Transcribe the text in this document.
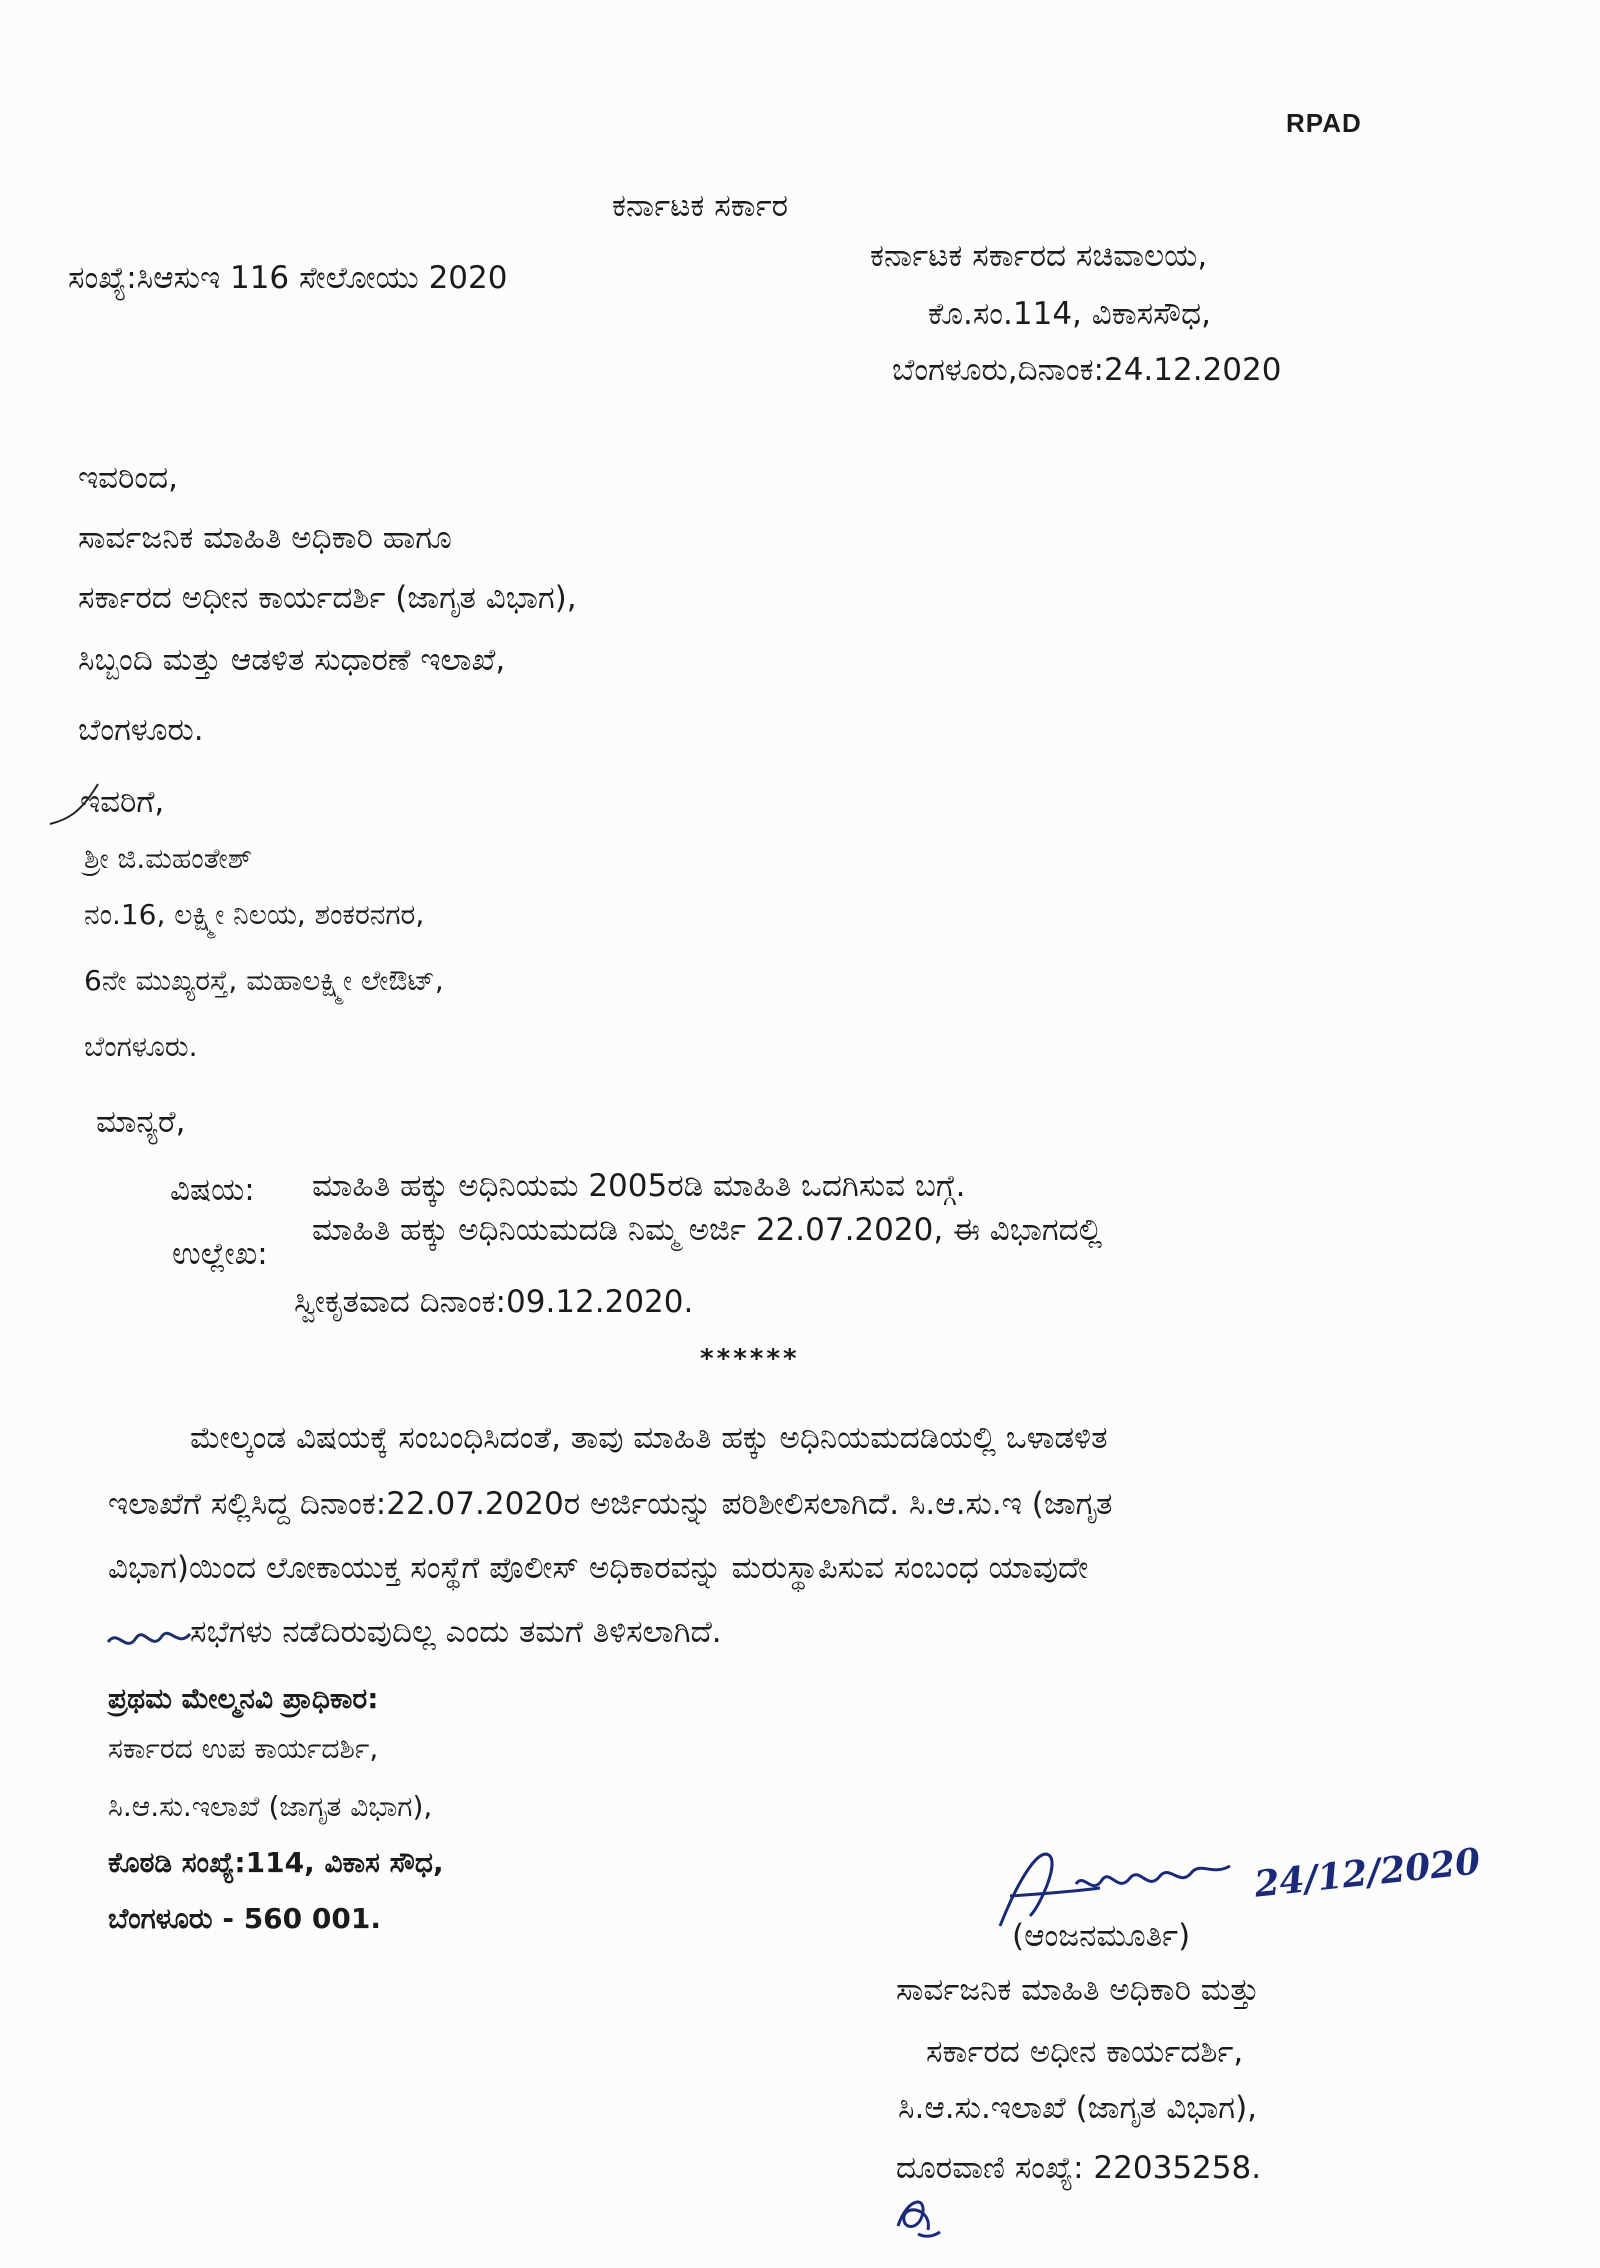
RPAD
ಕರ್ನಾಟಕ ಸರ್ಕಾರ
ಸಂಖ್ಯೆ:ಸಿಆಸುಇ 116 ಸೇಲೋಯು 2020
ಕರ್ನಾಟಕ ಸರ್ಕಾರದ ಸಚಿವಾಲಯ,
ಕೊ.ಸಂ.114, ವಿಕಾಸಸೌಧ,
ಬೆಂಗಳೂರು,ದಿನಾಂಕ:24.12.2020
ಇವರಿಂದ,
ಸಾರ್ವಜನಿಕ ಮಾಹಿತಿ ಅಧಿಕಾರಿ ಹಾಗೂ
ಸರ್ಕಾರದ ಅಧೀನ ಕಾರ್ಯದರ್ಶಿ (ಜಾಗೃತ ವಿಭಾಗ),
ಸಿಬ್ಬಂದಿ ಮತ್ತು ಆಡಳಿತ ಸುಧಾರಣೆ ಇಲಾಖೆ,
ಬೆಂಗಳೂರು.
ಇವರಿಗೆ,
ಶ್ರೀ ಜಿ.ಮಹಂತೇಶ್
ನಂ.16, ಲಕ್ಷ್ಮೀ ನಿಲಯ, ಶಂಕರನಗರ,
6ನೇ ಮುಖ್ಯರಸ್ತೆ, ಮಹಾಲಕ್ಷ್ಮೀ ಲೇಔಟ್,
ಬೆಂಗಳೂರು.
ಮಾನ್ಯರೆ,
ವಿಷಯ: ಮಾಹಿತಿ ಹಕ್ಕು ಅಧಿನಿಯಮ 2005ರಡಿ ಮಾಹಿತಿ ಒದಗಿಸುವ ಬಗ್ಗೆ.
ಉಲ್ಲೇಖ:
ಮಾಹಿತಿ ಹಕ್ಕು ಅಧಿನಿಯಮದಡಿ ನಿಮ್ಮ ಅರ್ಜಿ 22.07.2020, ಈ ವಿಭಾಗದಲ್ಲಿ
ಸ್ವೀಕೃತವಾದ ದಿನಾಂಕ:09.12.2020.
******
ಮೇಲ್ಕಂಡ ವಿಷಯಕ್ಕೆ ಸಂಬಂಧಿಸಿದಂತೆ, ತಾವು ಮಾಹಿತಿ ಹಕ್ಕು ಅಧಿನಿಯಮದಡಿಯಲ್ಲಿ ಒಳಾಡಳಿತ
ಇಲಾಖೆಗೆ ಸಲ್ಲಿಸಿದ್ದ ದಿನಾಂಕ:22.07.2020ರ ಅರ್ಜಿಯನ್ನು ಪರಿಶೀಲಿಸಲಾಗಿದೆ. ಸಿ.ಆ.ಸು.ಇ (ಜಾಗೃತ
ವಿಭಾಗ)ಯಿಂದ ಲೋಕಾಯುಕ್ತ ಸಂಸ್ಥೆಗೆ ಪೊಲೀಸ್ ಅಧಿಕಾರವನ್ನು ಮರುಸ್ಥಾಪಿಸುವ ಸಂಬಂಧ ಯಾವುದೇ
ಸಭೆಗಳು ನಡೆದಿರುವುದಿಲ್ಲ ಎಂದು ತಮಗೆ ತಿಳಿಸಲಾಗಿದೆ.
ಪ್ರಥಮ ಮೇಲ್ಮನವಿ ಪ್ರಾಧಿಕಾರ:
ಸರ್ಕಾರದ ಉಪ ಕಾರ್ಯದರ್ಶಿ,
ಸಿ.ಆ.ಸು.ಇಲಾಖೆ (ಜಾಗೃತ ವಿಭಾಗ),
ಕೊಠಡಿ ಸಂಖ್ಯೆ:114, ವಿಕಾಸ ಸೌಧ,
ಬೆಂಗಳೂರು - 560 001.
24/12/2020
(ಆಂಜನಮೂರ್ತಿ)
ಸಾರ್ವಜನಿಕ ಮಾಹಿತಿ ಅಧಿಕಾರಿ ಮತ್ತು
ಸರ್ಕಾರದ ಅಧೀನ ಕಾರ್ಯದರ್ಶಿ,
ಸಿ.ಆ.ಸು.ಇಲಾಖೆ (ಜಾಗೃತ ವಿಭಾಗ),
ದೂರವಾಣಿ ಸಂಖ್ಯೆ: 22035258.
